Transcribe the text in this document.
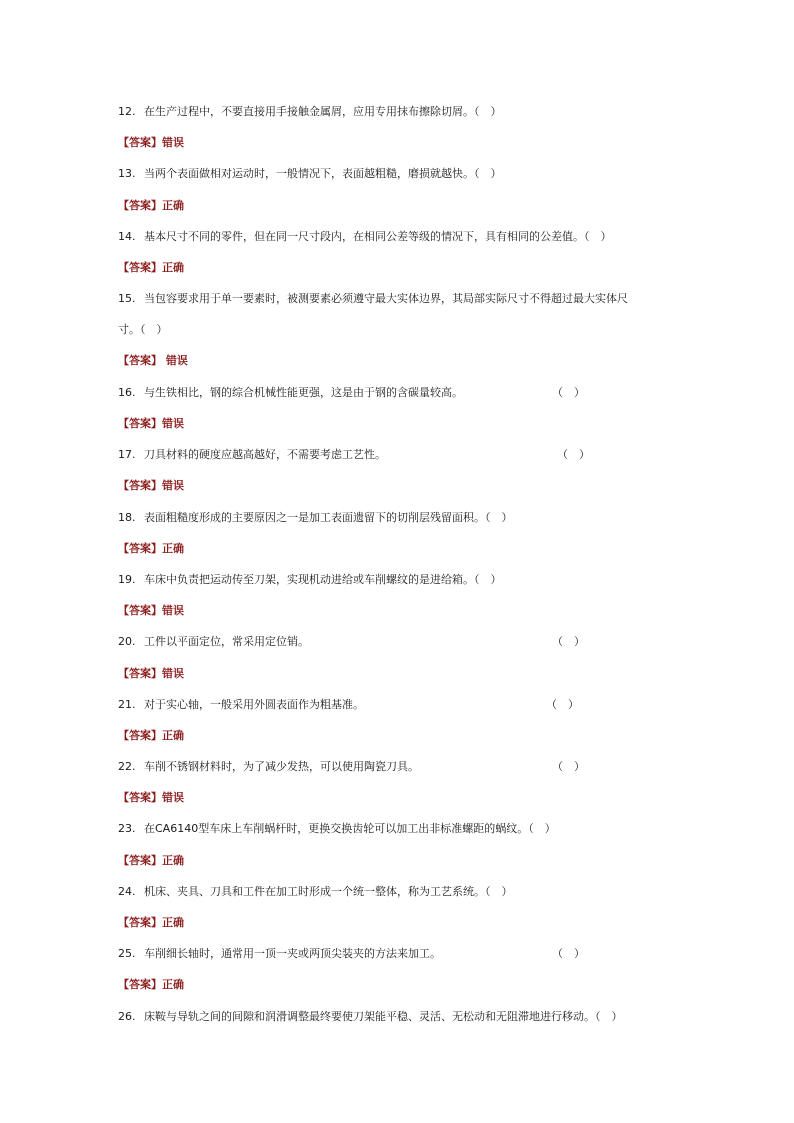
12. 在生产过程中，不要直接用手接触金属屑，应用专用抹布擦除切屑。（　）
【答案】错误
13. 当两个表面做相对运动时，一般情况下，表面越粗糙，磨损就越快。（　）
【答案】正确
14. 基本尺寸不同的零件，但在同一尺寸段内，在相同公差等级的情况下，具有相同的公差值。（　）
【答案】正确
15. 当包容要求用于单一要素时，被测要素必须遵守最大实体边界，其局部实际尺寸不得超过最大实体尺
寸。（　）
【答案】 错误
16. 与生铁相比，钢的综合机械性能更强，这是由于钢的含碳量较高。	（　）
【答案】错误
17. 刀具材料的硬度应越高越好，不需要考虑工艺性。	（　）
【答案】错误
18. 表面粗糙度形成的主要原因之一是加工表面遗留下的切削层残留面积。（　）
【答案】正确
19. 车床中负责把运动传至刀架，实现机动进给或车削螺纹的是进给箱。（　）
【答案】错误
20. 工件以平面定位，常采用定位销。	（　）
【答案】错误
21. 对于实心轴，一般采用外圆表面作为粗基准。	（　）
【答案】正确
22. 车削不锈钢材料时，为了减少发热，可以使用陶瓷刀具。	（　）
【答案】错误
23. 在CA6140型车床上车削蜗杆时，更换交换齿轮可以加工出非标准螺距的蜗纹。（　）
【答案】正确
24. 机床、夹具、刀具和工件在加工时形成一个统一整体，称为工艺系统。（　）
【答案】正确
25. 车削细长轴时，通常用一顶一夹或两顶尖装夹的方法来加工。	（　）
【答案】正确
26. 床鞍与导轨之间的间隙和润滑调整最终要使刀架能平稳、灵活、无松动和无阻滞地进行移动。（　）
